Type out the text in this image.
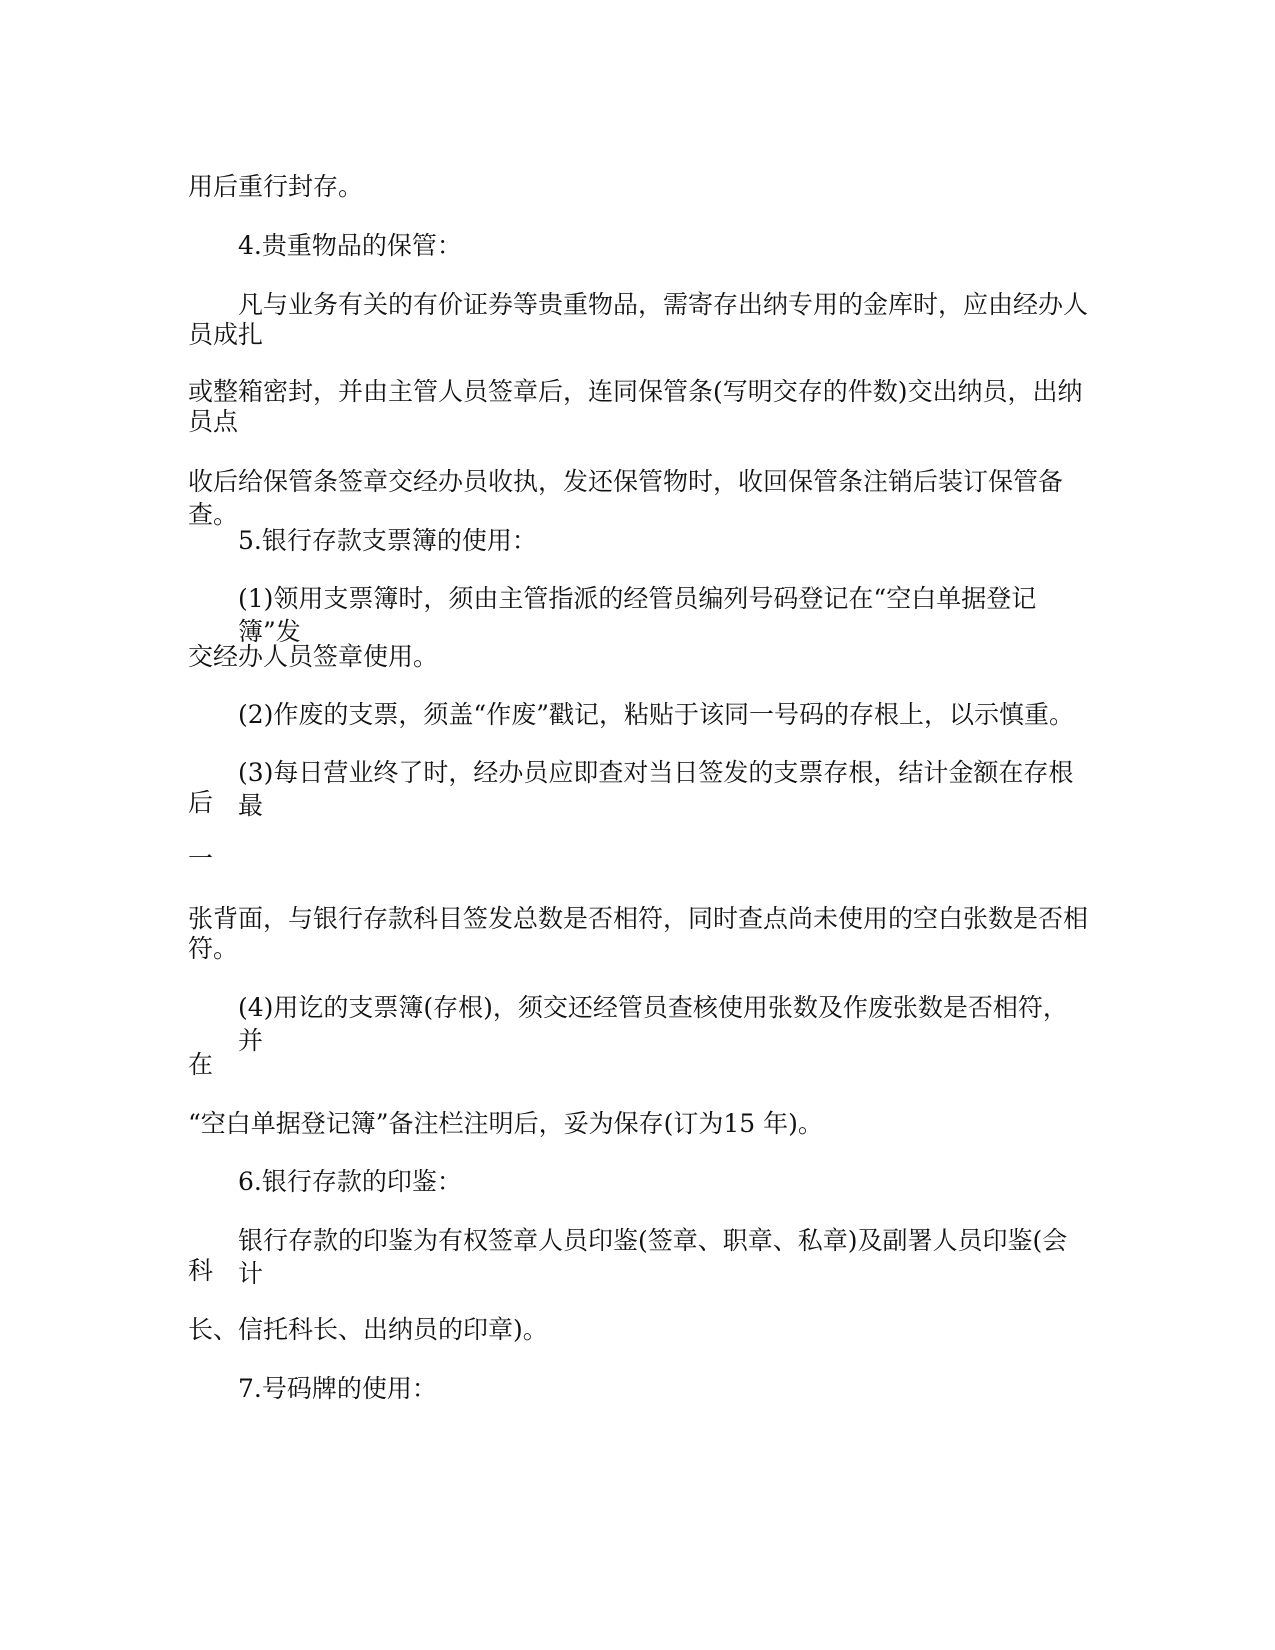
用后重行封存。

4.贵重物品的保管：

凡与业务有关的有价证券等贵重物品，需寄存出纳专用的金库时，应由经办人

员成扎

或整箱密封，并由主管人员签章后，连同保管条(写明交存的件数)交出纳员，出纳

员点

收后给保管条签章交经办员收执，发还保管物时，收回保管条注销后装订保管备查。

5.银行存款支票簿的使用：

(1)领用支票簿时，须由主管指派的经管员编列号码登记在“空白单据登记簿”发

交经办人员签章使用。

(2)作废的支票，须盖“作废”戳记，粘贴于该同一号码的存根上，以示慎重。

(3)每日营业终了时，经办员应即查对当日签发的支票存根，结计金额在存根最

后

一

张背面，与银行存款科目签发总数是否相符，同时查点尚未使用的空白张数是否相

符。

(4)用讫的支票簿(存根)，须交还经管员查核使用张数及作废张数是否相符，并

在

“空白单据登记簿”备注栏注明后，妥为保存(订为15 年)。

6.银行存款的印鉴：

银行存款的印鉴为有权签章人员印鉴(签章、职章、私章)及副署人员印鉴(会计

科

长、信托科长、出纳员的印章)。

7.号码牌的使用：
